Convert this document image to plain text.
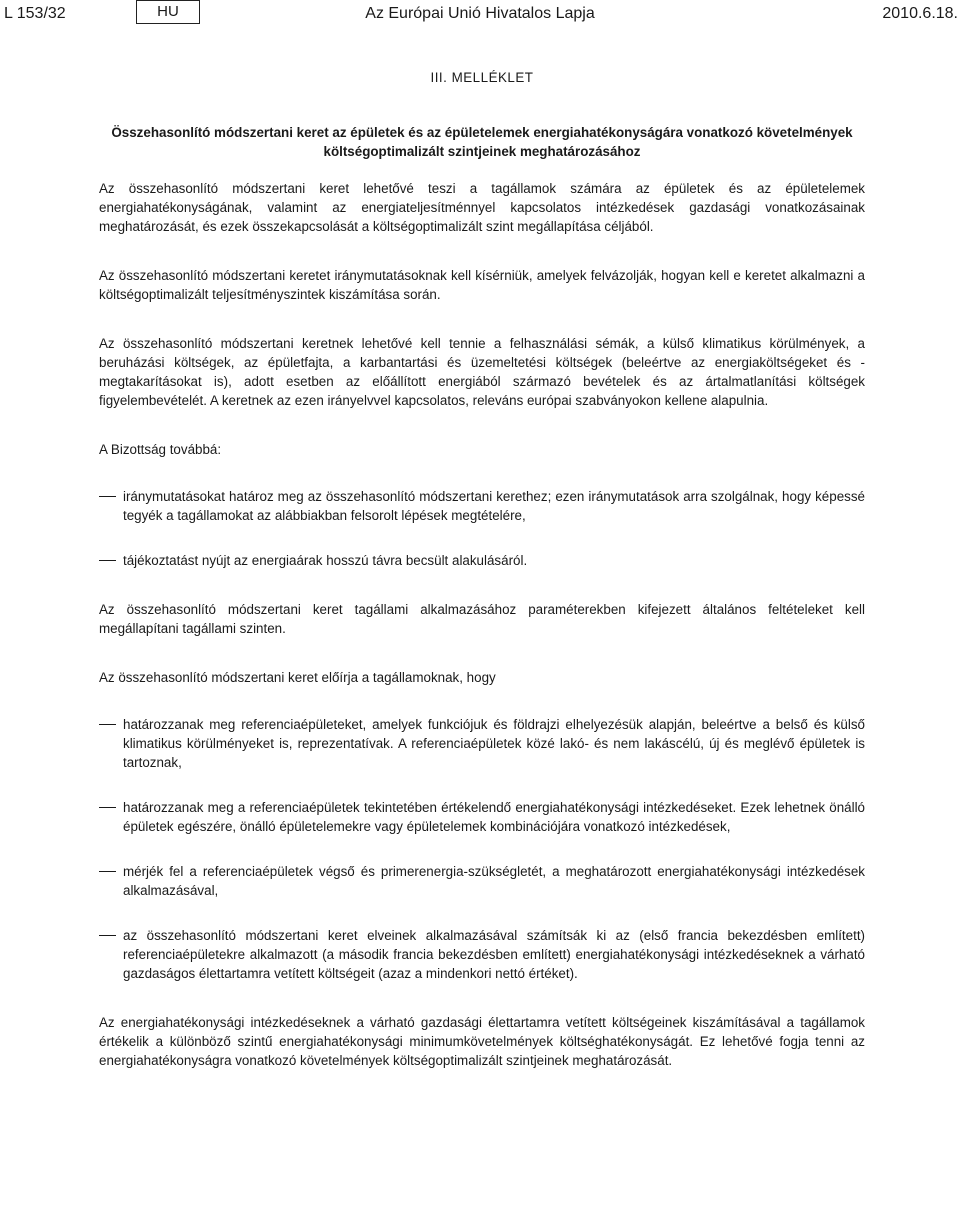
L 153/32	HU	Az Európai Unió Hivatalos Lapja	2010.6.18.

III. MELLÉKLET

Összehasonlító módszertani keret az épületek és az épületelemek energiahatékonyságára vonatkozó követelmények költségoptimalizált szintjeinek meghatározásához

Az összehasonlító módszertani keret lehetővé teszi a tagállamok számára az épületek és az épületelemek energiahatékonyságának, valamint az energiateljesítménnyel kapcsolatos intézkedések gazdasági vonatkozásainak meghatározását, és ezek összekapcsolását a költségoptimalizált szint megállapítása céljából.

Az összehasonlító módszertani keretet iránymutatásoknak kell kísérniük, amelyek felvázolják, hogyan kell e keretet alkalmazni a költségoptimalizált teljesítményszintek kiszámítása során.

Az összehasonlító módszertani keretnek lehetővé kell tennie a felhasználási sémák, a külső klimatikus körülmények, a beruházási költségek, az épületfajta, a karbantartási és üzemeltetési költségek (beleértve az energiaköltségeket és -megtakarításokat is), adott esetben az előállított energiából származó bevételek és az ártalmatlanítási költségek figyelembevételét. A keretnek az ezen irányelvvel kapcsolatos, releváns európai szabványokon kellene alapulnia.

A Bizottság továbbá:

iránymutatásokat határoz meg az összehasonlító módszertani kerethez; ezen iránymutatások arra szolgálnak, hogy képessé tegyék a tagállamokat az alábbiakban felsorolt lépések megtételére,
tájékoztatást nyújt az energiaárak hosszú távra becsült alakulásáról.

Az összehasonlító módszertani keret tagállami alkalmazásához paraméterekben kifejezett általános feltételeket kell megállapítani tagállami szinten.

Az összehasonlító módszertani keret előírja a tagállamoknak, hogy

határozzanak meg referenciaépületeket, amelyek funkciójuk és földrajzi elhelyezésük alapján, beleértve a belső és külső klimatikus körülményeket is, reprezentatívak. A referenciaépületek közé lakó- és nem lakáscélú, új és meglévő épületek is tartoznak,
határozzanak meg a referenciaépületek tekintetében értékelendő energiahatékonysági intézkedéseket. Ezek lehetnek önálló épületek egészére, önálló épületelemekre vagy épületelemek kombinációjára vonatkozó intézkedések,
mérjék fel a referenciaépületek végső és primerenergia-szükségletét, a meghatározott energiahatékonysági intézkedések alkalmazásával,
az összehasonlító módszertani keret elveinek alkalmazásával számítsák ki az (első francia bekezdésben említett) referenciaépületekre alkalmazott (a második francia bekezdésben említett) energiahatékonysági intézkedéseknek a várható gazdaságos élettartamra vetített költségeit (azaz a mindenkori nettó értéket).

Az energiahatékonysági intézkedéseknek a várható gazdasági élettartamra vetített költségeinek kiszámításával a tagállamok értékelik a különböző szintű energiahatékonysági minimumkövetelmények költséghatékonyságát. Ez lehetővé fogja tenni az energiahatékonyságra vonatkozó követelmények költségoptimalizált szintjeinek meghatározását.
